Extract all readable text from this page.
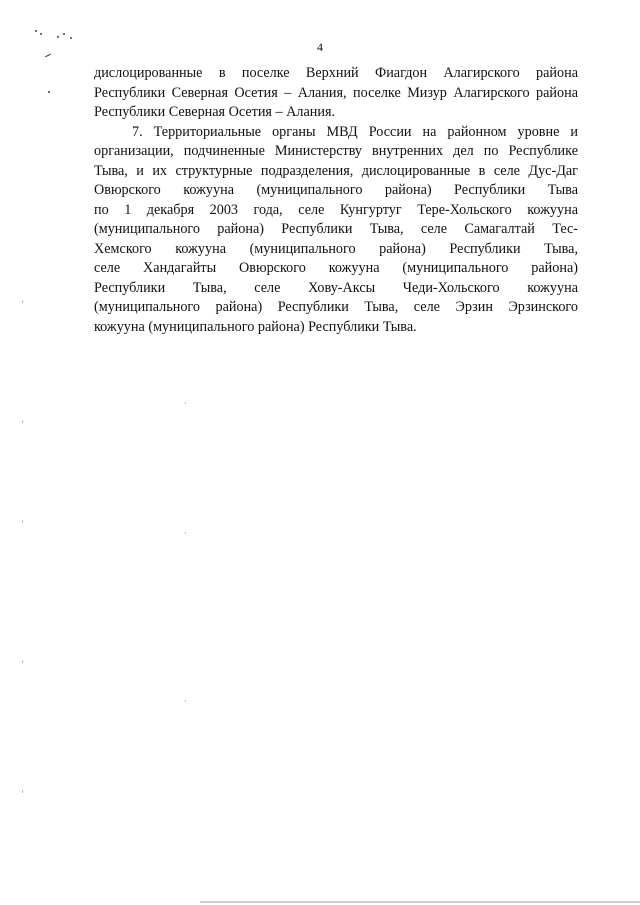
4
дислоцированные в поселке Верхний Фиагдон Алагирского района
Республики Северная Осетия – Алания, поселке Мизур Алагирского района
Республики Северная Осетия – Алания.
7. Территориальные органы МВД России на районном уровне и
организации, подчиненные Министерству внутренних дел по Республике
Тыва, и их структурные подразделения, дислоцированные в селе Дус-Даг
Овюрского кожууна (муниципального района) Республики Тыва
по 1 декабря 2003 года, селе Кунгуртуг Тере-Хольского кожууна
(муниципального района) Республики Тыва, селе Самагалтай Тес-
Хемского кожууна (муниципального района) Республики Тыва,
селе Хандагайты Овюрского кожууна (муниципального района)
Республики Тыва, селе Хову-Аксы Чеди-Хольского кожууна
(муниципального района) Республики Тыва, селе Эрзин Эрзинского
кожууна (муниципального района) Республики Тыва.
